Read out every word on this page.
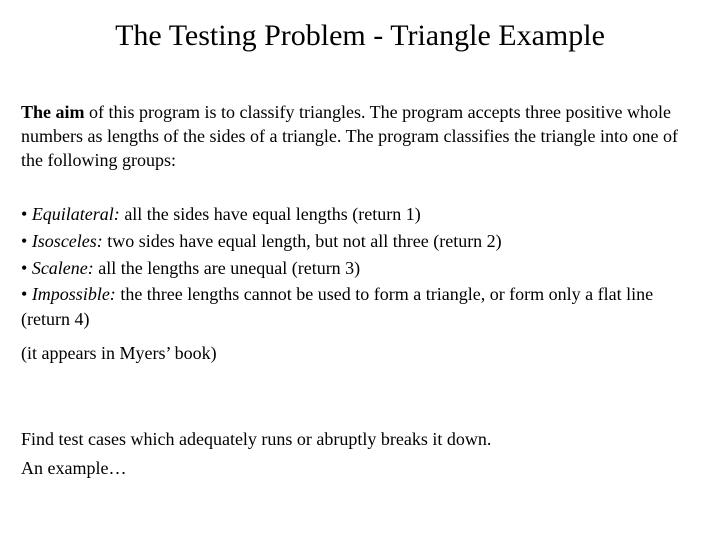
The Testing Problem - Triangle Example

The aim of this program is to classify triangles. The program accepts three positive whole numbers as lengths of the sides of a triangle. The program classifies the triangle into one of the following groups:

• Equilateral: all the sides have equal lengths (return 1)
• Isosceles: two sides have equal length, but not all three (return 2)
• Scalene: all the lengths are unequal (return 3)
• Impossible: the three lengths cannot be used to form a triangle, or form only a flat line (return 4)

(it appears in Myers’ book)

Find test cases which adequately runs or abruptly breaks it down.
An example…
